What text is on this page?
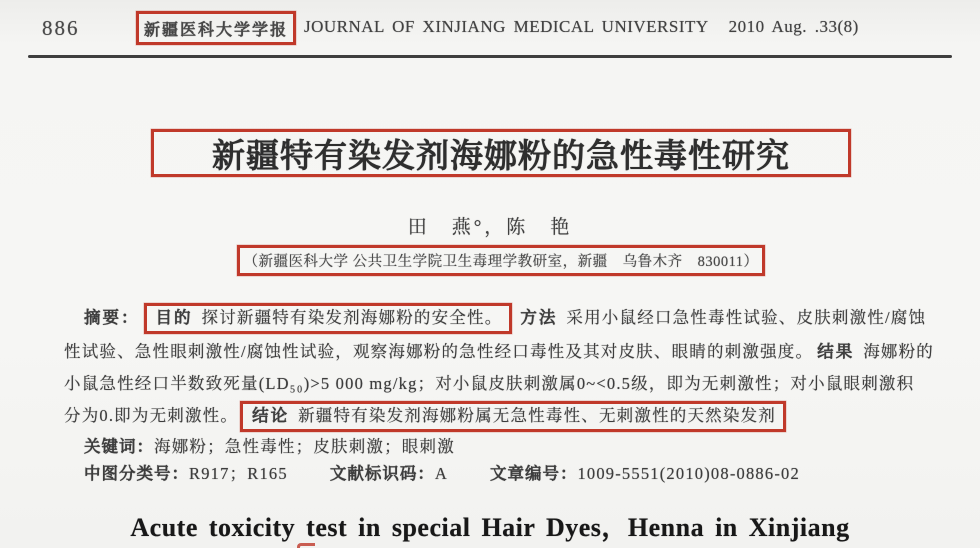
886	新疆医科大学学报 JOURNAL OF XINJIANG MEDICAL UNIVERSITY 2010 Aug. .33(8)
新疆特有染发剂海娜粉的急性毒性研究
田　燕°，陈　艳
（新疆医科大学 公共卫生学院卫生毒理学教研室，新疆　乌鲁木齐　830011）
摘要： 目的 探讨新疆特有染发剂海娜粉的安全性。 方法 采用小鼠经口急性毒性试验、皮肤刺激性/腐蚀
性试验、急性眼刺激性/腐蚀性试验，观察海娜粉的急性经口毒性及其对皮肤、眼睛的刺激强度。 结果 海娜粉的
小鼠急性经口半数致死量(LD₅₀)>5 000 mg/kg；对小鼠皮肤刺激属0~<0.5级，即为无刺激性；对小鼠眼刺激积
分为0.即为无刺激性。 结论 新疆特有染发剂海娜粉属无急性毒性、无刺激性的天然染发剂
关键词：海娜粉；急性毒性；皮肤刺激；眼刺激
中图分类号：R917；R165	文献标识码：A	文章编号：1009-5551(2010)08-0886-02
Acute toxicity test in special Hair Dyes，Henna in Xinjiang
